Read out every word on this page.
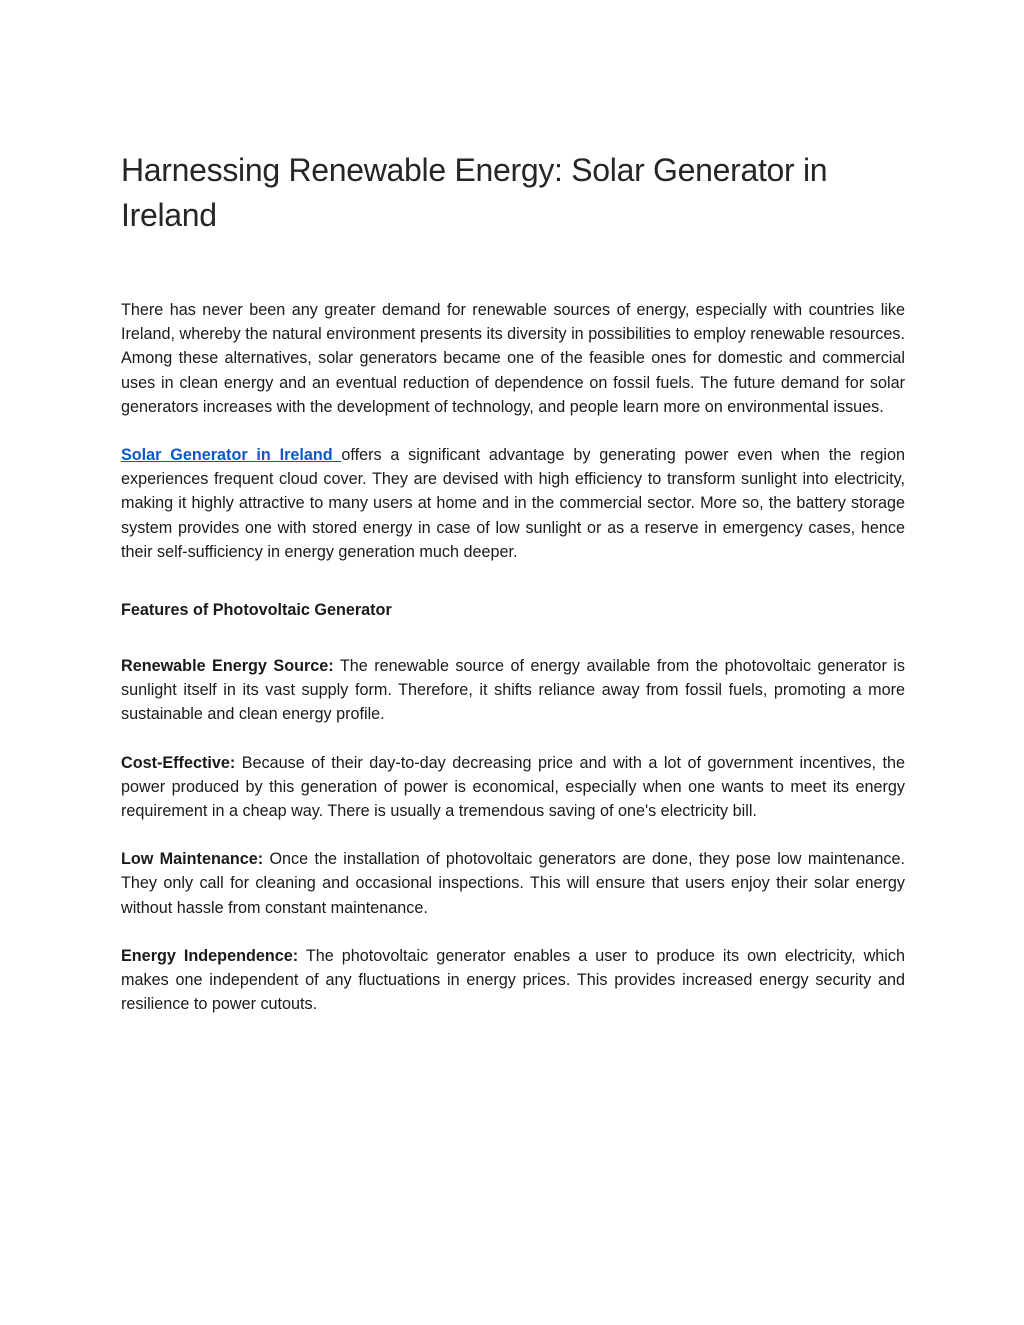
Harnessing Renewable Energy: Solar Generator in Ireland

There has never been any greater demand for renewable sources of energy, especially with countries like Ireland, whereby the natural environment presents its diversity in possibilities to employ renewable resources. Among these alternatives, solar generators became one of the feasible ones for domestic and commercial uses in clean energy and an eventual reduction of dependence on fossil fuels. The future demand for solar generators increases with the development of technology, and people learn more on environmental issues.

Solar Generator in Ireland offers a significant advantage by generating power even when the region experiences frequent cloud cover. They are devised with high efficiency to transform sunlight into electricity, making it highly attractive to many users at home and in the commercial sector. More so, the battery storage system provides one with stored energy in case of low sunlight or as a reserve in emergency cases, hence their self-sufficiency in energy generation much deeper.

Features of Photovoltaic Generator

Renewable Energy Source: The renewable source of energy available from the photovoltaic generator is sunlight itself in its vast supply form. Therefore, it shifts reliance away from fossil fuels, promoting a more sustainable and clean energy profile.

Cost-Effective: Because of their day-to-day decreasing price and with a lot of government incentives, the power produced by this generation of power is economical, especially when one wants to meet its energy requirement in a cheap way. There is usually a tremendous saving of one's electricity bill.

Low Maintenance: Once the installation of photovoltaic generators are done, they pose low maintenance. They only call for cleaning and occasional inspections. This will ensure that users enjoy their solar energy without hassle from constant maintenance.

Energy Independence: The photovoltaic generator enables a user to produce its own electricity, which makes one independent of any fluctuations in energy prices. This provides increased energy security and resilience to power cutouts.
